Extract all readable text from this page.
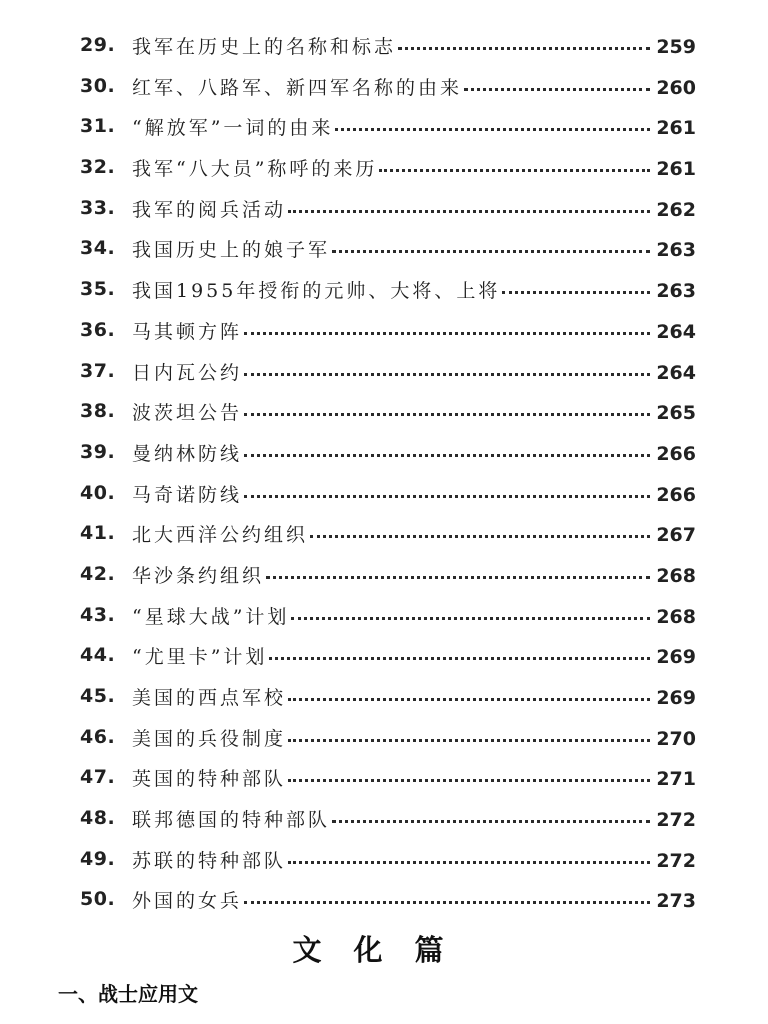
29. 我军在历史上的名称和标志	259
30. 红军、八路军、新四军名称的由来	260
31. “解放军”一词的由来	261
32. 我军“八大员”称呼的来历	261
33. 我军的阅兵活动	262
34. 我国历史上的娘子军	263
35. 我国1955年授衔的元帅、大将、上将	263
36. 马其顿方阵	264
37. 日内瓦公约	264
38. 波茨坦公告	265
39. 曼纳林防线	266
40. 马奇诺防线	266
41. 北大西洋公约组织	267
42. 华沙条约组织	268
43. “星球大战”计划	268
44. “尤里卡”计划	269
45. 美国的西点军校	269
46. 美国的兵役制度	270
47. 英国的特种部队	271
48. 联邦德国的特种部队	272
49. 苏联的特种部队	272
50. 外国的女兵	273
文化篇
一、战士应用文
